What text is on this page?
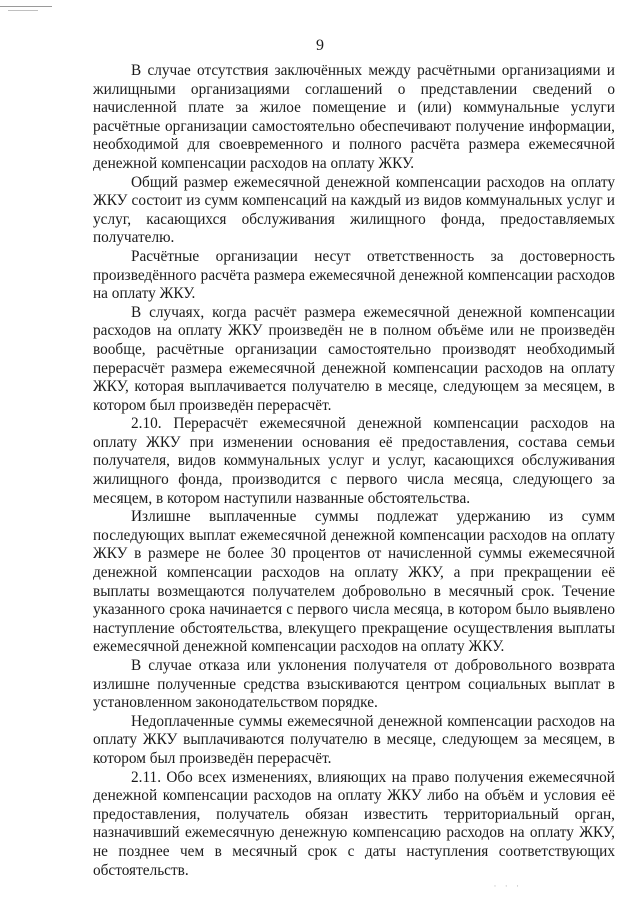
9

В случае отсутствия заключённых между расчётными организациями и жилищными организациями соглашений о представлении сведений о начисленной плате за жилое помещение и (или) коммунальные услуги расчётные организации самостоятельно обеспечивают получение информации, необходимой для своевременного и полного расчёта размера ежемесячной денежной компенсации расходов на оплату ЖКУ.

Общий размер ежемесячной денежной компенсации расходов на оплату ЖКУ состоит из сумм компенсаций на каждый из видов коммунальных услуг и услуг, касающихся обслуживания жилищного фонда, предоставляемых получателю.

Расчётные организации несут ответственность за достоверность произведённого расчёта размера ежемесячной денежной компенсации расходов на оплату ЖКУ.

В случаях, когда расчёт размера ежемесячной денежной компенсации расходов на оплату ЖКУ произведён не в полном объёме или не произведён вообще, расчётные организации самостоятельно производят необходимый перерасчёт размера ежемесячной денежной компенсации расходов на оплату ЖКУ, которая выплачивается получателю в месяце, следующем за месяцем, в котором был произведён перерасчёт.

2.10. Перерасчёт ежемесячной денежной компенсации расходов на оплату ЖКУ при изменении основания её предоставления, состава семьи получателя, видов коммунальных услуг и услуг, касающихся обслуживания жилищного фонда, производится с первого числа месяца, следующего за месяцем, в котором наступили названные обстоятельства.

Излишне выплаченные суммы подлежат удержанию из сумм последующих выплат ежемесячной денежной компенсации расходов на оплату ЖКУ в размере не более 30 процентов от начисленной суммы ежемесячной денежной компенсации расходов на оплату ЖКУ, а при прекращении её выплаты возмещаются получателем добровольно в месячный срок. Течение указанного срока начинается с первого числа месяца, в котором было выявлено наступление обстоятельства, влекущего прекращение осуществления выплаты ежемесячной денежной компенсации расходов на оплату ЖКУ.

В случае отказа или уклонения получателя от добровольного возврата излишне полученные средства взыскиваются центром социальных выплат в установленном законодательством порядке.

Недоплаченные суммы ежемесячной денежной компенсации расходов на оплату ЖКУ выплачиваются получателю в месяце, следующем за месяцем, в котором был произведён перерасчёт.

2.11. Обо всех изменениях, влияющих на право получения ежемесячной денежной компенсации расходов на оплату ЖКУ либо на объём и условия её предоставления, получатель обязан известить территориальный орган, назначивший ежемесячную денежную компенсацию расходов на оплату ЖКУ, не позднее чем в месячный срок с даты наступления соответствующих обстоятельств.

· · ·
